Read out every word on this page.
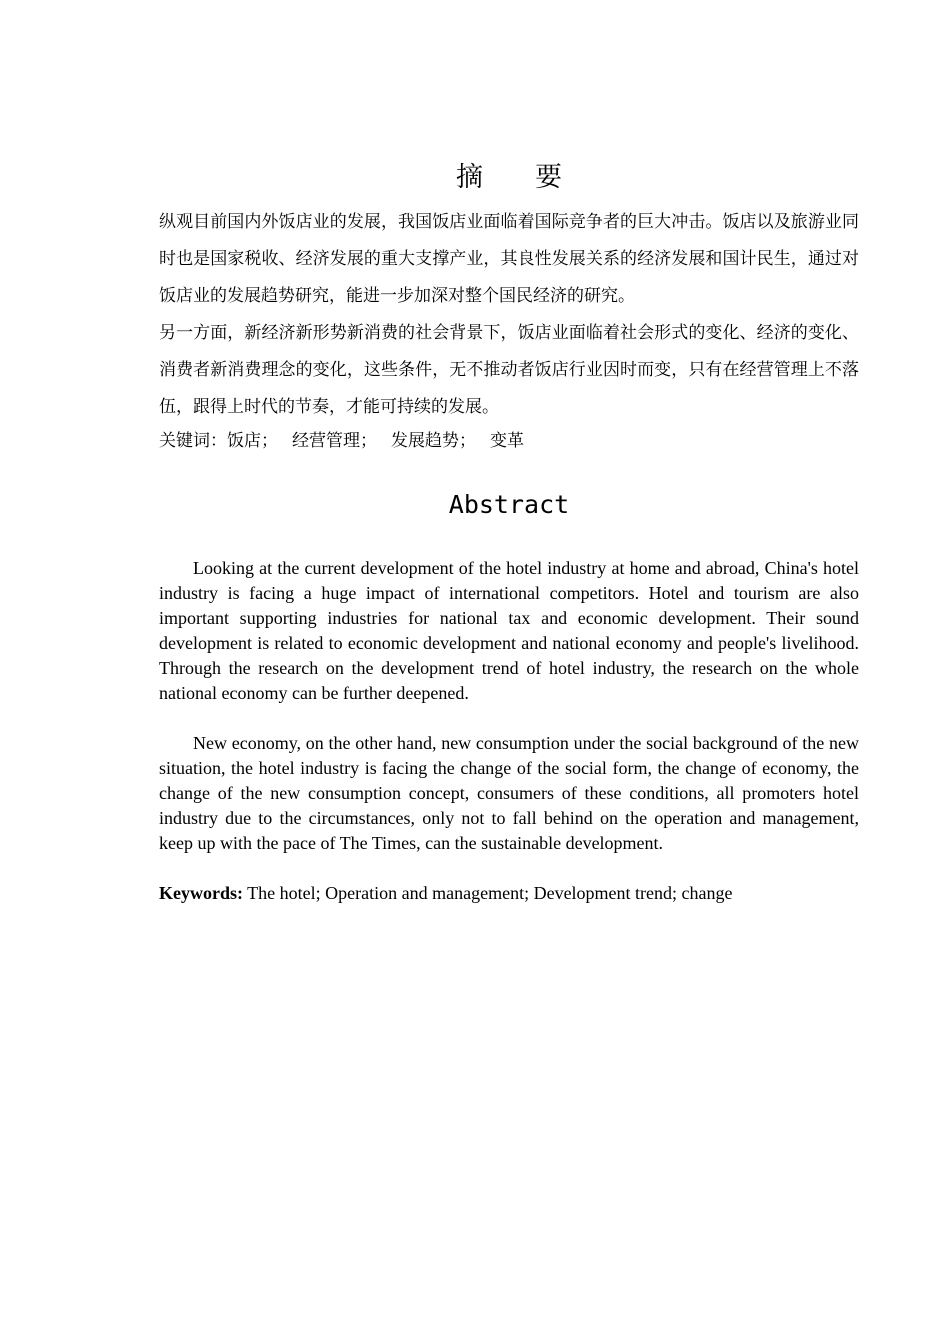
摘要

纵观目前国内外饭店业的发展，我国饭店业面临着国际竞争者的巨大冲击。饭店以及旅游业同时也是国家税收、经济发展的重大支撑产业，其良性发展关系的经济发展和国计民生，通过对饭店业的发展趋势研究，能进一步加深对整个国民经济的研究。

另一方面，新经济新形势新消费的社会背景下，饭店业面临着社会形式的变化、经济的变化、消费者新消费理念的变化，这些条件，无不推动者饭店行业因时而变，只有在经营管理上不落伍，跟得上时代的节奏，才能可持续的发展。

关键词：饭店； 经营管理； 发展趋势； 变革

Abstract

Looking at the current development of the hotel industry at home and abroad, China's hotel industry is facing a huge impact of international competitors. Hotel and tourism are also important supporting industries for national tax and economic development. Their sound development is related to economic development and national economy and people's livelihood. Through the research on the development trend of hotel industry, the research on the whole national economy can be further deepened.

New economy, on the other hand, new consumption under the social background of the new situation, the hotel industry is facing the change of the social form, the change of economy, the change of the new consumption concept, consumers of these conditions, all promoters hotel industry due to the circumstances, only not to fall behind on the operation and management, keep up with the pace of The Times, can the sustainable development.

Keywords: The hotel; Operation and management; Development trend; change
